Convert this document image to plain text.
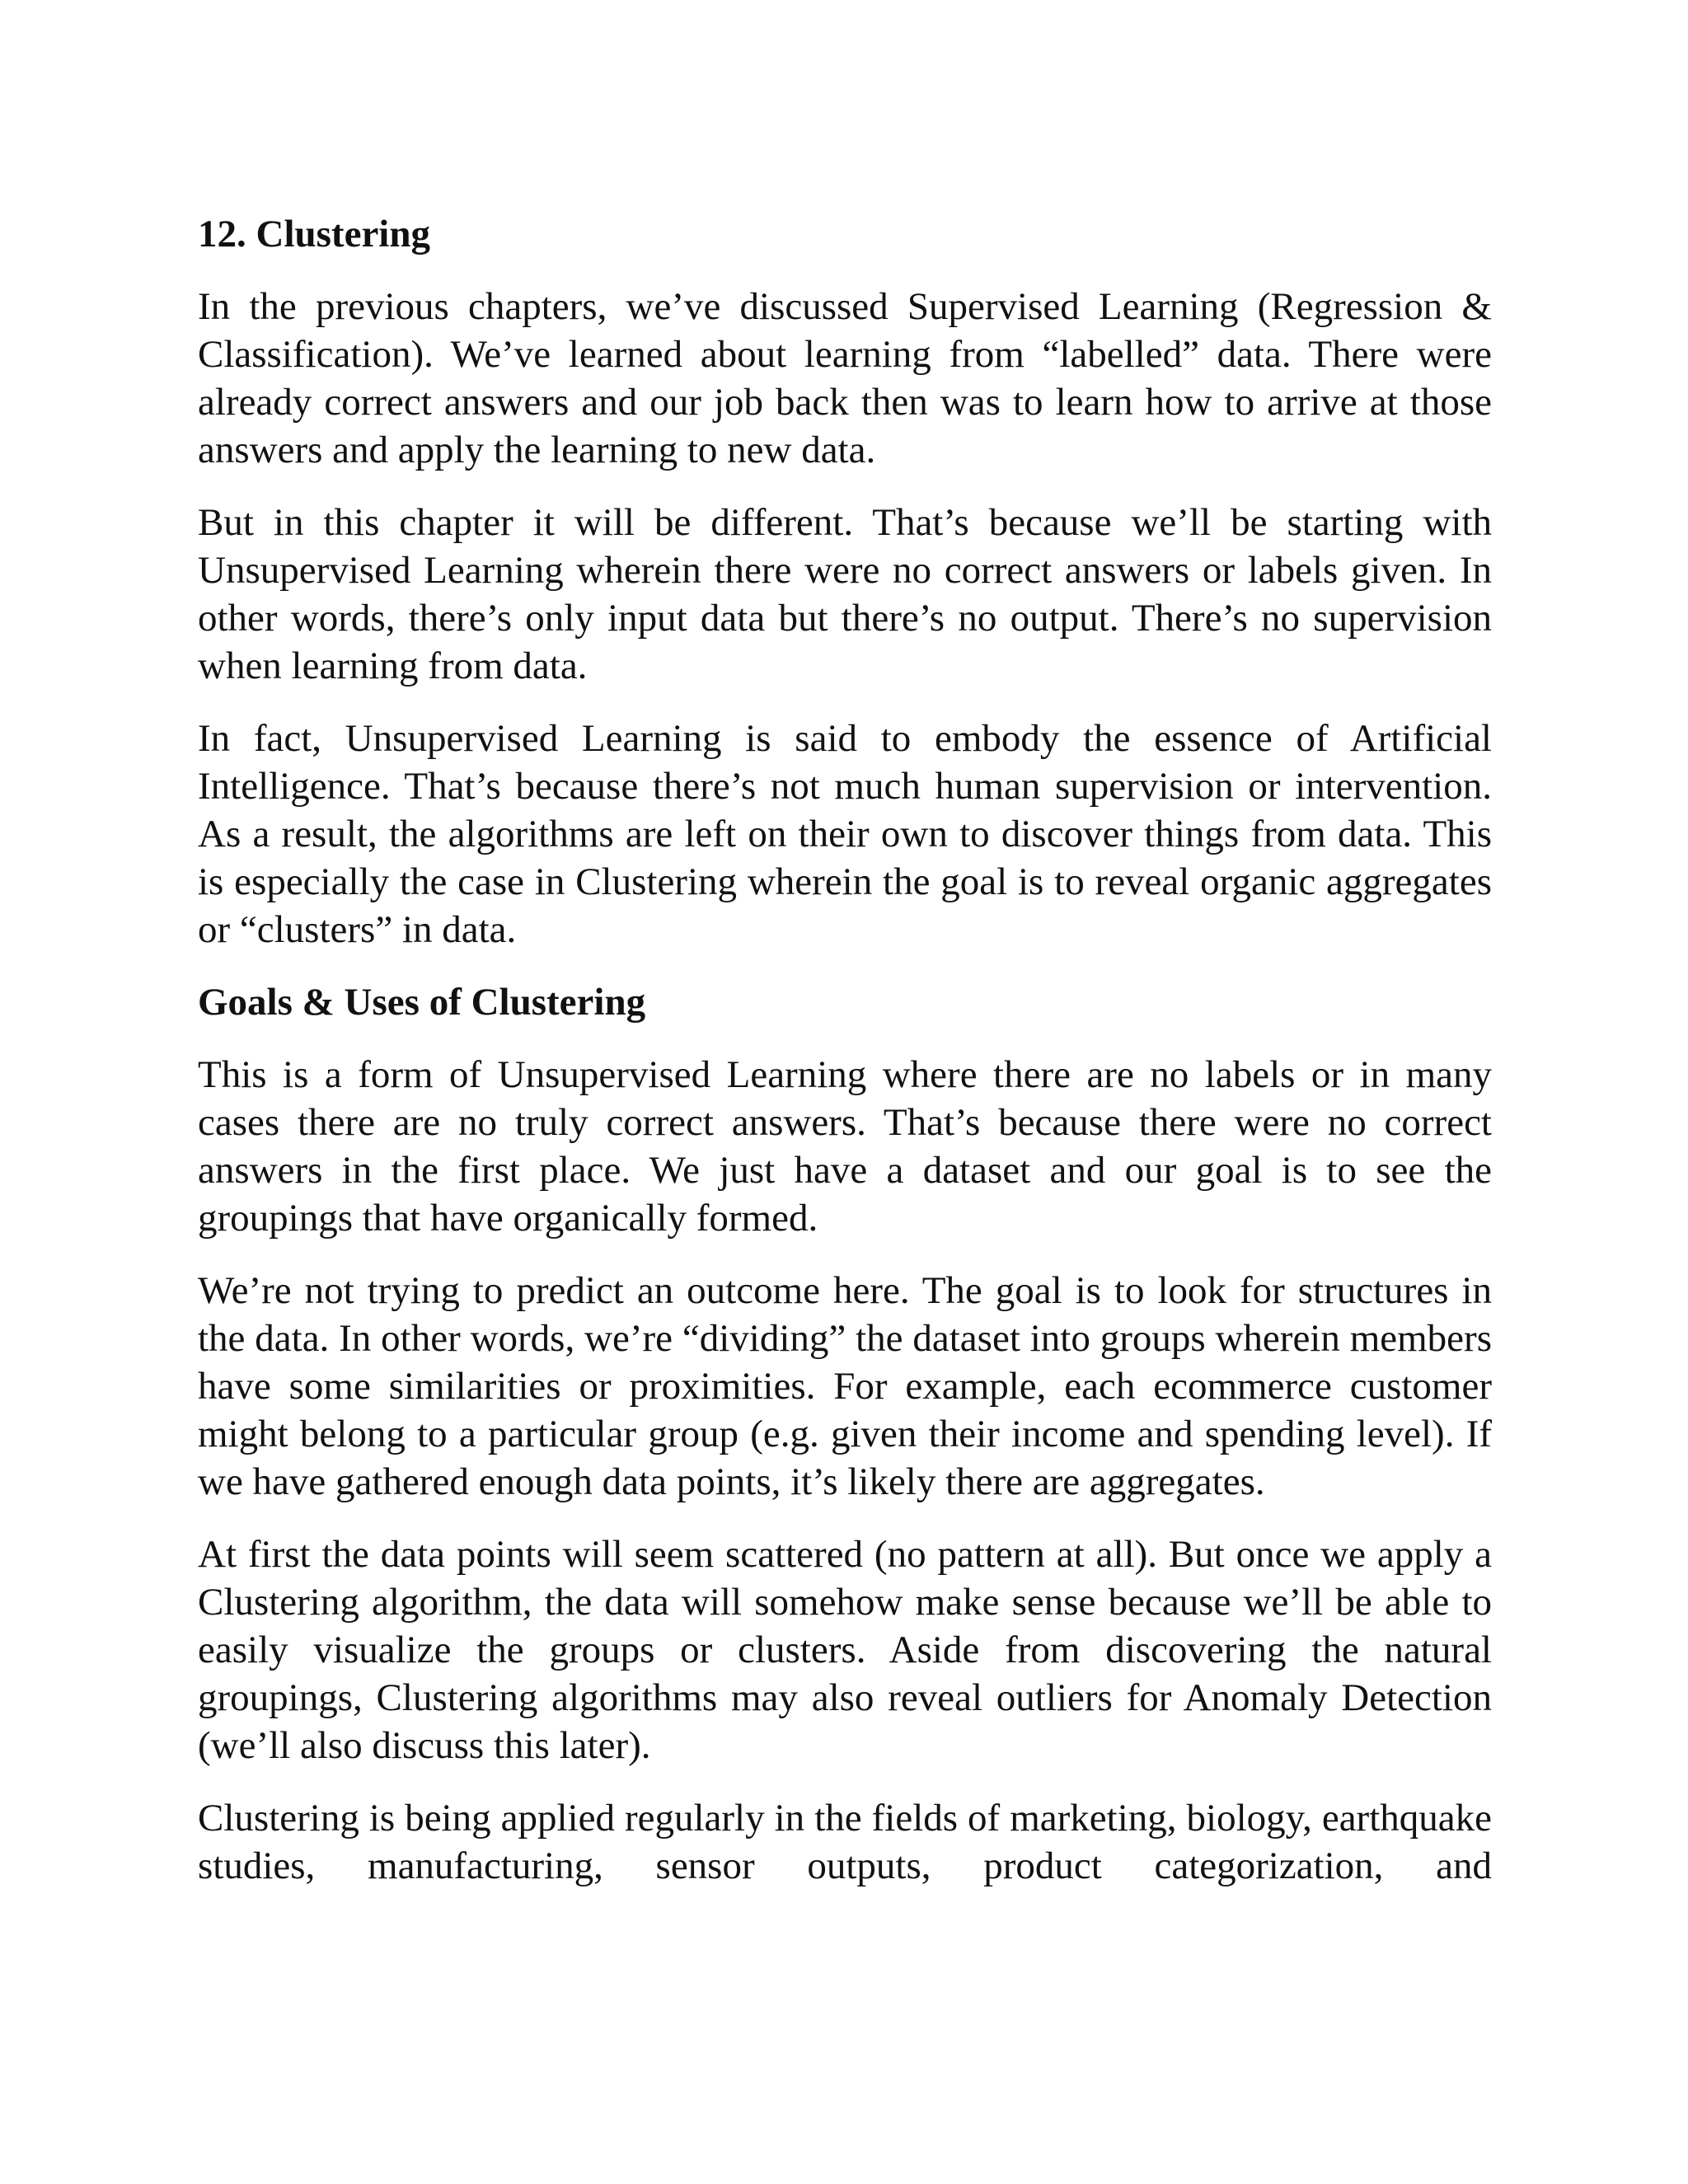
12. Clustering

In the previous chapters, we’ve discussed Supervised Learning (Regression & Classification). We’ve learned about learning from “labelled” data. There were already correct answers and our job back then was to learn how to arrive at those answers and apply the learning to new data.

But in this chapter it will be different. That’s because we’ll be starting with Unsupervised Learning wherein there were no correct answers or labels given. In other words, there’s only input data but there’s no output. There’s no supervision when learning from data.

In fact, Unsupervised Learning is said to embody the essence of Artificial Intelligence. That’s because there’s not much human supervision or intervention. As a result, the algorithms are left on their own to discover things from data. This is especially the case in Clustering wherein the goal is to reveal organic aggregates or “clusters” in data.

Goals & Uses of Clustering

This is a form of Unsupervised Learning where there are no labels or in many cases there are no truly correct answers. That’s because there were no correct answers in the first place. We just have a dataset and our goal is to see the groupings that have organically formed.

We’re not trying to predict an outcome here. The goal is to look for structures in the data. In other words, we’re “dividing” the dataset into groups wherein members have some similarities or proximities. For example, each ecommerce customer might belong to a particular group (e.g. given their income and spending level). If we have gathered enough data points, it’s likely there are aggregates.

At first the data points will seem scattered (no pattern at all). But once we apply a Clustering algorithm, the data will somehow make sense because we’ll be able to easily visualize the groups or clusters. Aside from discovering the natural groupings, Clustering algorithms may also reveal outliers for Anomaly Detection (we’ll also discuss this later).

Clustering is being applied regularly in the fields of marketing, biology, earthquake studies, manufacturing, sensor outputs, product categorization, and
